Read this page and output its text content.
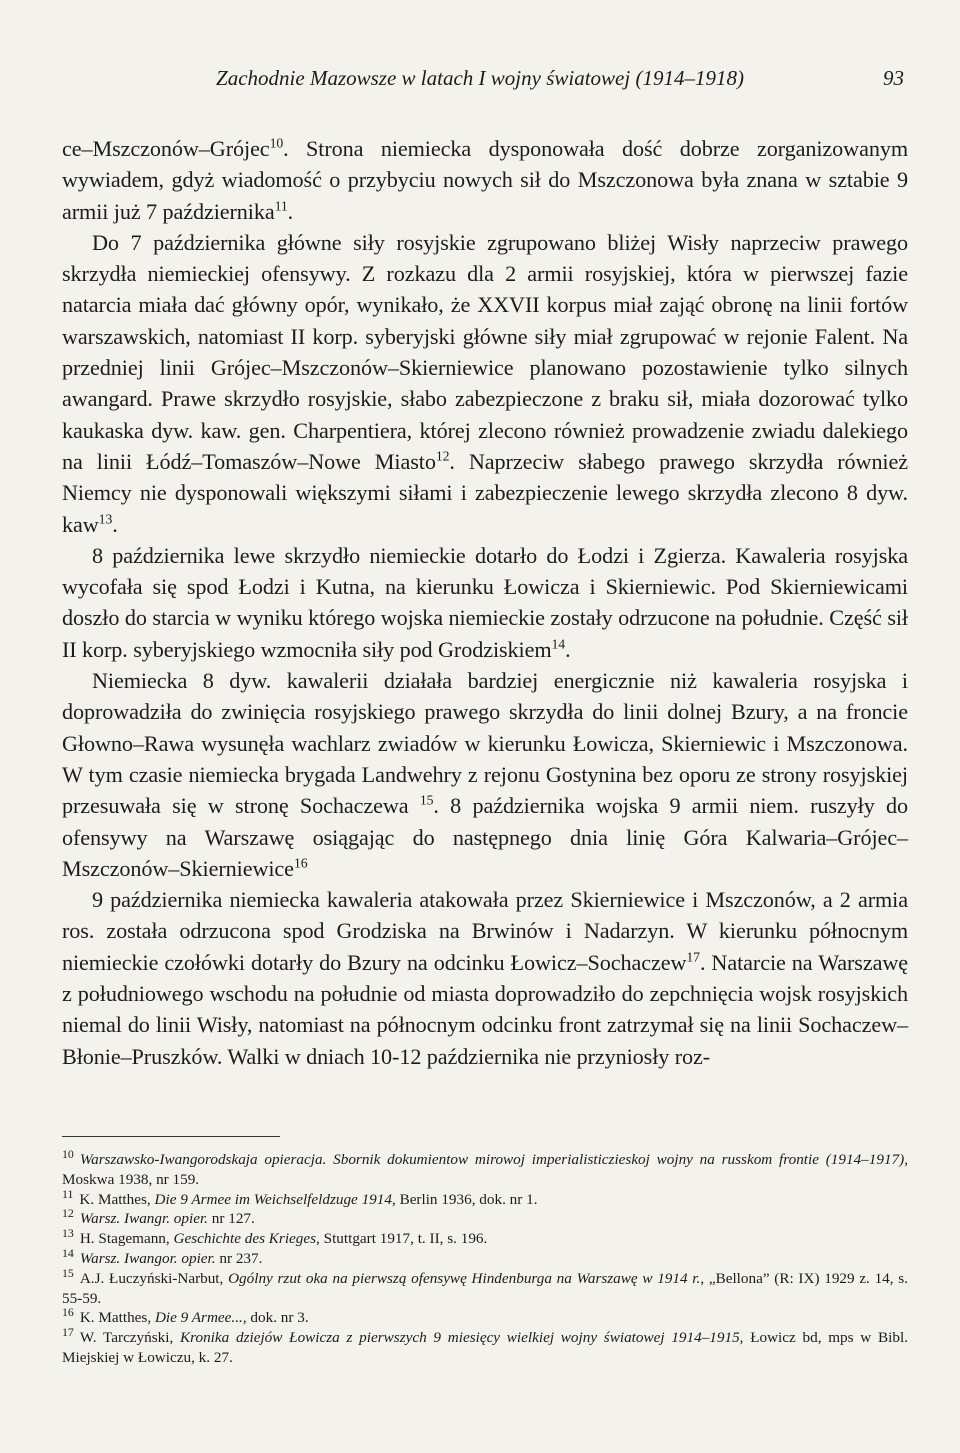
Zachodnie Mazowsze w latach I wojny światowej (1914–1918)	93

ce–Mszczonów–Grójec$^{10}$. Strona niemiecka dysponowała dość dobrze zorganizowanym wywiadem, gdyż wiadomość o przybyciu nowych sił do Mszczonowa była znana w sztabie 9 armii już 7 października$^{11}$.

Do 7 października główne siły rosyjskie zgrupowano bliżej Wisły naprzeciw prawego skrzydła niemieckiej ofensywy. Z rozkazu dla 2 armii rosyjskiej, która w pierwszej fazie natarcia miała dać główny opór, wynikało, że XXVII korpus miał zająć obronę na linii fortów warszawskich, natomiast II korp. syberyjski główne siły miał zgrupować w rejonie Falent. Na przedniej linii Grójec–Mszczonów–Skierniewice planowano pozostawienie tylko silnych awangard. Prawe skrzydło rosyjskie, słabo zabezpieczone z braku sił, miała dozorować tylko kaukaska dyw. kaw. gen. Charpentiera, której zlecono również prowadzenie zwiadu dalekiego na linii Łódź–Tomaszów–Nowe Miasto$^{12}$. Naprzeciw słabego prawego skrzydła również Niemcy nie dysponowali większymi siłami i zabezpieczenie lewego skrzydła zlecono 8 dyw. kaw$^{13}$.

8 października lewe skrzydło niemieckie dotarło do Łodzi i Zgierza. Kawaleria rosyjska wycofała się spod Łodzi i Kutna, na kierunku Łowicza i Skierniewic. Pod Skierniewicami doszło do starcia w wyniku którego wojska niemieckie zostały odrzucone na południe. Część sił II korp. syberyjskiego wzmocniła siły pod Grodziskiem$^{14}$.

Niemiecka 8 dyw. kawalerii działała bardziej energicznie niż kawaleria rosyjska i doprowadziła do zwinięcia rosyjskiego prawego skrzydła do linii dolnej Bzury, a na froncie Głowno–Rawa wysunęła wachlarz zwiadów w kierunku Łowicza, Skierniewic i Mszczonowa. W tym czasie niemiecka brygada Landwehry z rejonu Gostynina bez oporu ze strony rosyjskiej przesuwała się w stronę Sochaczewa $^{15}$. 8 października wojska 9 armii niem. ruszyły do ofensywy na Warszawę osiągając do następnego dnia linię Góra Kalwaria–Grójec–Mszczonów–Skierniewice$^{16}$

9 października niemiecka kawaleria atakowała przez Skierniewice i Mszczonów, a 2 armia ros. została odrzucona spod Grodziska na Brwinów i Nadarzyn. W kierunku północnym niemieckie czołówki dotarły do Bzury na odcinku Łowicz–Sochaczew$^{17}$. Natarcie na Warszawę z południowego wschodu na południe od miasta doprowadziło do zepchnięcia wojsk rosyjskich niemal do linii Wisły, natomiast na północnym odcinku front zatrzymał się na linii Sochaczew–Błonie–Pruszków. Walki w dniach 10-12 października nie przyniosły roz-

$^{10}$ Warszawsko-Iwangorodskaja opieracja. Sbornik dokumientow mirowoj imperialisticzieskoj wojny na russkom frontie (1914–1917), Moskwa 1938, nr 159.
$^{11}$ K. Matthes, Die 9 Armee im Weichselfeldzuge 1914, Berlin 1936, dok. nr 1.
$^{12}$ Warsz. Iwangr. opier. nr 127.
$^{13}$ H. Stagemann, Geschichte des Krieges, Stuttgart 1917, t. II, s. 196.
$^{14}$ Warsz. Iwangor. opier. nr 237.
$^{15}$ A.J. Łuczyński-Narbut, Ogólny rzut oka na pierwszą ofensywę Hindenburga na Warszawę w 1914 r., „Bellona” (R: IX) 1929 z. 14, s. 55-59.
$^{16}$ K. Matthes, Die 9 Armee..., dok. nr 3.
$^{17}$ W. Tarczyński, Kronika dziejów Łowicza z pierwszych 9 miesięcy wielkiej wojny światowej 1914–1915, Łowicz bd, mps w Bibl. Miejskiej w Łowiczu, k. 27.
